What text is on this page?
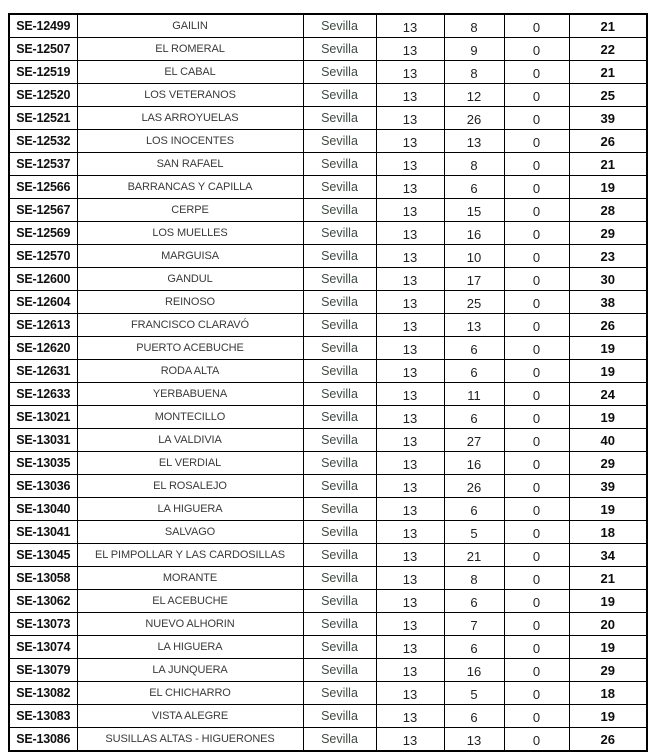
SE-12499	GAILIN	Sevilla	13	8	0	21
SE-12507	EL ROMERAL	Sevilla	13	9	0	22
SE-12519	EL CABAL	Sevilla	13	8	0	21
SE-12520	LOS VETERANOS	Sevilla	13	12	0	25
SE-12521	LAS ARROYUELAS	Sevilla	13	26	0	39
SE-12532	LOS INOCENTES	Sevilla	13	13	0	26
SE-12537	SAN RAFAEL	Sevilla	13	8	0	21
SE-12566	BARRANCAS Y CAPILLA	Sevilla	13	6	0	19
SE-12567	CERPE	Sevilla	13	15	0	28
SE-12569	LOS MUELLES	Sevilla	13	16	0	29
SE-12570	MARGUISA	Sevilla	13	10	0	23
SE-12600	GANDUL	Sevilla	13	17	0	30
SE-12604	REINOSO	Sevilla	13	25	0	38
SE-12613	FRANCISCO CLARAVÓ	Sevilla	13	13	0	26
SE-12620	PUERTO ACEBUCHE	Sevilla	13	6	0	19
SE-12631	RODA ALTA	Sevilla	13	6	0	19
SE-12633	YERBABUENA	Sevilla	13	11	0	24
SE-13021	MONTECILLO	Sevilla	13	6	0	19
SE-13031	LA VALDIVIA	Sevilla	13	27	0	40
SE-13035	EL VERDIAL	Sevilla	13	16	0	29
SE-13036	EL ROSALEJO	Sevilla	13	26	0	39
SE-13040	LA HIGUERA	Sevilla	13	6	0	19
SE-13041	SALVAGO	Sevilla	13	5	0	18
SE-13045	EL PIMPOLLAR Y LAS CARDOSILLAS	Sevilla	13	21	0	34
SE-13058	MORANTE	Sevilla	13	8	0	21
SE-13062	EL ACEBUCHE	Sevilla	13	6	0	19
SE-13073	NUEVO ALHORIN	Sevilla	13	7	0	20
SE-13074	LA HIGUERA	Sevilla	13	6	0	19
SE-13079	LA JUNQUERA	Sevilla	13	16	0	29
SE-13082	EL CHICHARRO	Sevilla	13	5	0	18
SE-13083	VISTA ALEGRE	Sevilla	13	6	0	19
SE-13086	SUSILLAS ALTAS - HIGUERONES	Sevilla	13	13	0	26
